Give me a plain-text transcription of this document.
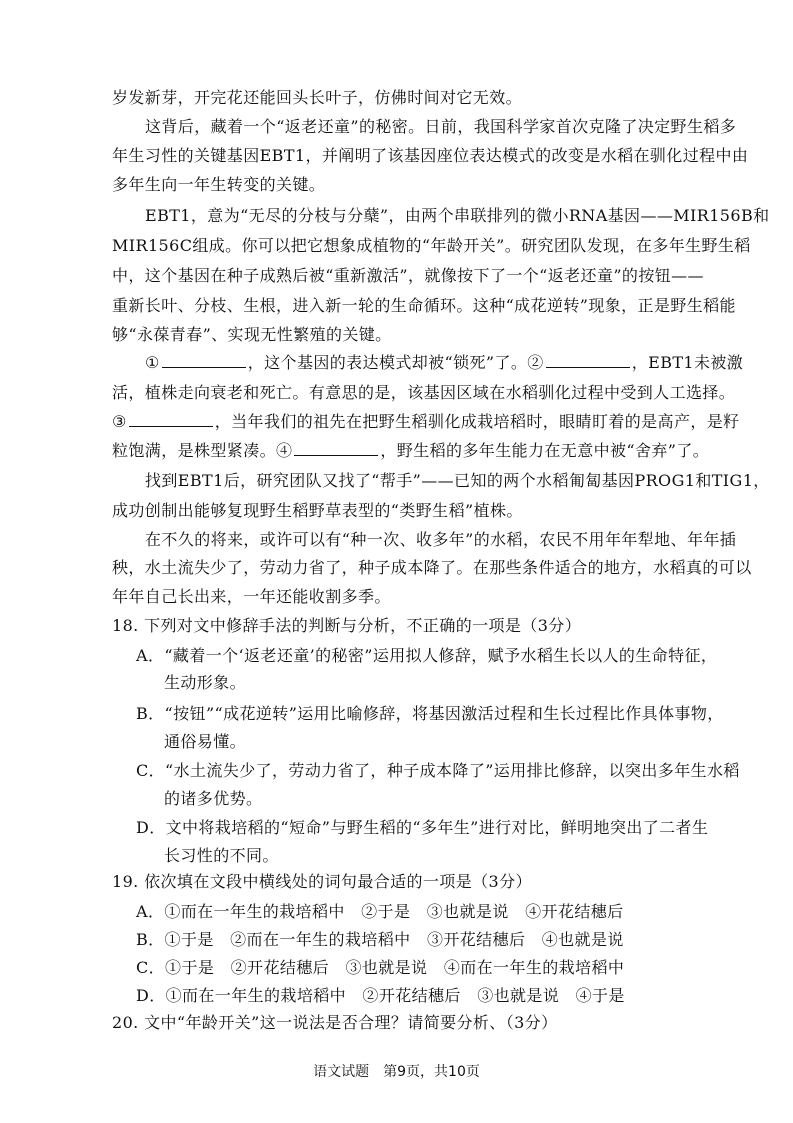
岁发新芽，开完花还能回头长叶子，仿佛时间对它无效。
这背后，藏着一个“返老还童”的秘密。日前，我国科学家首次克隆了决定野生稻多
年生习性的关键基因EBT1，并阐明了该基因座位表达模式的改变是水稻在驯化过程中由
多年生向一年生转变的关键。
EBT1，意为“无尽的分枝与分蘖”，由两个串联排列的微小RNA基因——MIR156B和
MIR156C组成。你可以把它想象成植物的“年龄开关”。研究团队发现，在多年生野生稻
中，这个基因在种子成熟后被“重新激活”，就像按下了一个“返老还童”的按钮——
重新长叶、分枝、生根，进入新一轮的生命循环。这种“成花逆转”现象，正是野生稻能
够“永葆青春”、实现无性繁殖的关键。
①	，这个基因的表达模式却被“锁死”了。②	，EBT1未被激
活，植株走向衰老和死亡。有意思的是，该基因区域在水稻驯化过程中受到人工选择。
③	，当年我们的祖先在把野生稻驯化成栽培稻时，眼睛盯着的是高产，是籽
粒饱满，是株型紧凑。④	，野生稻的多年生能力在无意中被“舍弃”了。
找到EBT1后，研究团队又找了“帮手”——已知的两个水稻匍匐基因PROG1和TIG1，
成功创制出能够复现野生稻野草表型的“类野生稻”植株。
在不久的将来，或许可以有“种一次、收多年”的水稻，农民不用年年犁地、年年插
秧，水土流失少了，劳动力省了，种子成本降了。在那些条件适合的地方，水稻真的可以
年年自己长出来，一年还能收割多季。
18. 下列对文中修辞手法的判断与分析，不正确的一项是（3分）
A．“藏着一个‘返老还童’的秘密”运用拟人修辞，赋予水稻生长以人的生命特征，
生动形象。
B．“按钮”“成花逆转”运用比喻修辞，将基因激活过程和生长过程比作具体事物，
通俗易懂。
C．“水土流失少了，劳动力省了，种子成本降了”运用排比修辞，以突出多年生水稻
的诸多优势。
D．文中将栽培稻的“短命”与野生稻的“多年生”进行对比，鲜明地突出了二者生
长习性的不同。
19. 依次填在文段中横线处的词句最合适的一项是（3分）
A．①而在一年生的栽培稻中　②于是　③也就是说　④开花结穗后
B．①于是　②而在一年生的栽培稻中　③开花结穗后　④也就是说
C．①于是　②开花结穗后　③也就是说　④而在一年生的栽培稻中
D．①而在一年生的栽培稻中　②开花结穗后　③也就是说　④于是
20. 文中“年龄开关”这一说法是否合理？请简要分析、（3分）
语文试题　第9页，共10页
